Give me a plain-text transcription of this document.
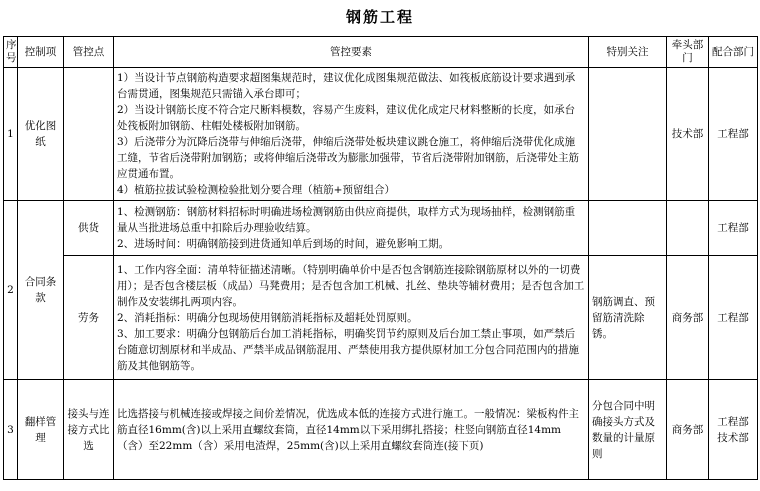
钢筋工程
序号	控制项	管控点	管控要素	特别关注	牵头部门	配合部门
1	优化图纸		1）当设计节点钢筋构造要求超图集规范时，建议优化成图集规范做法、如筏板底筋设计要求遇到承台需贯通，图集规范只需锚入承台即可；
2）当设计钢筋长度不符合定尺断料模数，容易产生废料，建议优化成定尺材料整断的长度，如承台处筏板附加钢筋、柱帽处楼板附加钢筋。
3）后浇带分为沉降后浇带与伸缩后浇带，伸缩后浇带处板块建议跳仓施工，将伸缩后浇带优化成施工缝，节省后浇带附加钢筋；或将伸缩后浇带改为膨胀加强带，节省后浇带附加钢筋，后浇带处主筋应贯通布置。
4）植筋拉拔试验检测检验批划分要合理（植筋+预留组合）		技术部	工程部
2	合同条款	供货	1、检测钢筋：钢筋材料招标时明确进场检测钢筋由供应商提供，取样方式为现场抽样，检测钢筋重量从当批进场总重中扣除后办理验收结算。
2、进场时间：明确钢筋接到进货通知单后到场的时间，避免影响工期。			工程部
		劳务	1、工作内容全面：清单特征描述清晰。（特别明确单价中是否包含钢筋连接除钢筋原材以外的一切费用）；是否包含楼层板（成品）马凳费用；是否包含加工机械、扎丝、垫块等辅材费用；是否包含加工制作及安装绑扎两项内容。
2、消耗指标：明确分包现场使用钢筋消耗指标及超耗处罚原则。
3、加工要求：明确分包钢筋后台加工消耗指标，明确奖罚节约原则及后台加工禁止事项，如严禁后台随意切割原材和半成品、严禁半成品钢筋混用、严禁使用我方提供原材加工分包合同范围内的措施筋及其他钢筋等。	钢筋调直、预留筋清洗除锈。	商务部	工程部
3	翻样管理	接头与连接方式比选	比选搭接与机械连接或焊接之间价差情况，优选成本低的连接方式进行施工。一般情况：梁板构件主筋直径16mm(含)以上采用直螺纹套筒，直径14mm以下采用绑扎搭接；柱竖向钢筋直径14mm（含）至22mm（含）采用电渣焊，25mm(含)以上采用直螺纹套筒连(接下页)	分包合同中明确接头方式及数量的计量原则	商务部	工程部 技术部
